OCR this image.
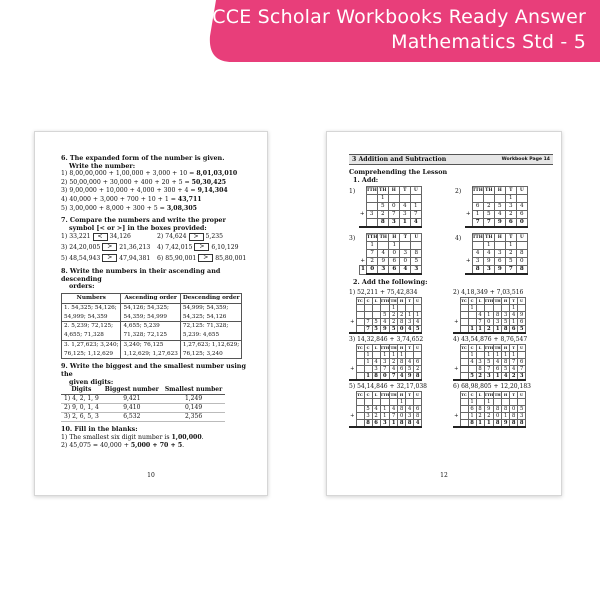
CCE Scholar Workbooks Ready Answer
Mathematics Std - 5
6. The expanded form of the number is given.
Write the number:
1) 8,00,00,000 + 1,00,000 + 3,000 + 10 = 8,01,03,010
2) 50,00,000 + 30,000 + 400 + 20 + 5 = 50,30,425
3) 9,00,000 + 10,000 + 4,000 + 300 + 4 = 9,14,304
4) 40,000 + 3,000 + 700 + 10 + 1 = 43,711
5) 3,00,000 + 8,000 + 300 + 5 = 3,08,305
7. Compare the numbers and write the proper
symbol [< or >] in the boxes provided:
1) 33,221 < 34,126	2) 74,624 > 5,235
3) 24,20,005 > 21,36,213	4) 7,42,015 > 6,10,129
5) 48,54,943 > 47,94,381	6) 85,90,001 > 85,80,001
8. Write the numbers in their ascending and descending
orders:
Numbers	Ascending order	Descending order
1. 54,325; 54,126;	54,126; 54,325;	54,999; 54,359;
54,999; 54,359	54,359; 54,999	54,325; 54,126
2. 5,239; 72,125;	4,655; 5,239	72,125: 71,328;
4,655; 71,328	71,328; 72,125	5,239: 4,655
3. 1,27,623; 3,240;	3,240; 76,125	1,27,623; 1,12,629;
76,125; 1,12,629	1,12,629; 1,27,623	76,125; 3,240
9. Write the biggest and the smallest number using the
given digits:
Digits	Biggest number	Smallest number
1) 4, 2, 1, 9	9,421	1,249
2) 9, 0, 1, 4	9,410	0,149
3) 2, 6, 5, 3	6,532	2,356
10. Fill in the blanks:
1) The smallest six digit number is 1,00,000.
2) 45,075 = 40,000 + 5,000 + 70 + 5.
10
3 Addition and Subtraction	Workbook Page 14
Comprehending the Lesson
1. Add:
1)
		TTH	TH	H	T	U
		1			
		5	0	4	1
+	3	2	7	3	7
		8	3	1	4
2)
		TTH	TH	H	T	U
				1	
	6	2	5	3	4
+	1	5	4	2	6
	7	7	9	6	0
3)
		TTH	TH	H	T	U
	1		1		
	7	4	0	3	8
+	2	9	6	0	5
1	0	3	6	4	3
4)
		TTH	TH	H	T	U
		1		1	
	4	4	3	2	8
+	3	9	6	5	0
	8	3	9	7	8
2. Add the following:
1) 52,211 + 75,42,834
	TC	C	L	TTH	TH	H	T	U
					1			
				5	2	2	1	1
+		7	5	4	2	8	3	4
		7	5	9	5	0	4	5
2) 4,18,349 + 7,03,516
	TC	C	L	TTH	TH	H	T	U
		1					1	
			4	1	8	3	4	9
+			7	0	3	5	1	6
		1	1	2	1	8	6	5
3) 14,32,846 + 3,74,652
	TC	C	L	TTH	TH	H	T	U
		1		1	1	1		
		1	4	3	2	8	4	6
+			3	7	4	6	5	2
		1	8	0	7	4	9	8
4) 43,54,876 + 8,76,547
	TC	C	L	TTH	TH	H	T	U
		1		1	1	1	1	
		4	3	5	4	8	7	6
+			8	7	6	5	4	7
		5	2	3	1	4	2	3
5) 54,14,846 + 32,17,038
	TC	C	L	TTH	TH	H	T	U
						1		
		5	4	1	4	8	4	6
+		3	2	1	7	0	3	8
		8	6	3	1	8	8	4
6) 68,98,805 + 12,20,183
	TC	C	L	TTH	TH	H	T	U
		1		1				
		6	8	9	8	8	0	5
+		1	2	2	0	1	8	3
		8	1	1	8	9	8	8
12
